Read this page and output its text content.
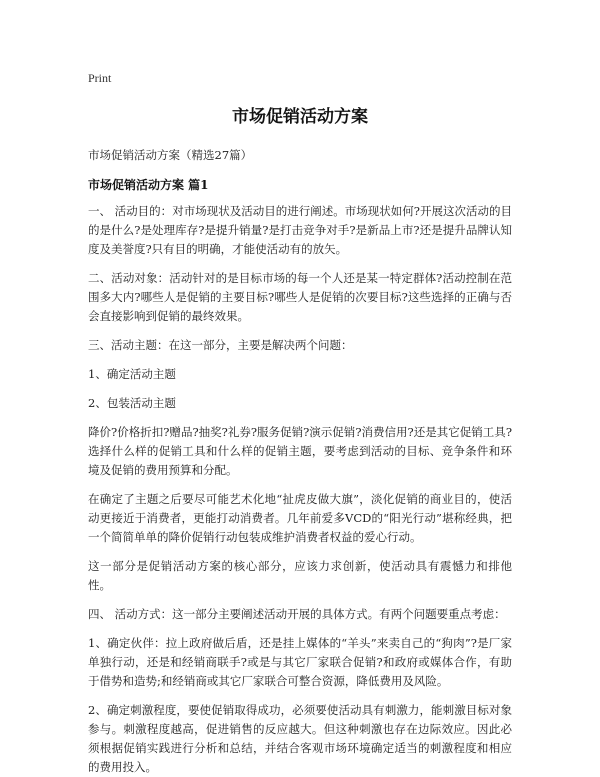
Print
市场促销活动方案
市场促销活动方案（精选27篇）
市场促销活动方案 篇1

一、 活动目的：对市场现状及活动目的进行阐述。市场现状如何?开展这次活动的目的是什么?是处理库存?是提升销量?是打击竞争对手?是新品上市?还是提升品牌认知度及美誉度?只有目的明确，才能使活动有的放矢。

二、活动对象：活动针对的是目标市场的每一个人还是某一特定群体?活动控制在范围多大内?哪些人是促销的主要目标?哪些人是促销的次要目标?这些选择的正确与否会直接影响到促销的最终效果。

三、活动主题：在这一部分，主要是解决两个问题：

1、确定活动主题

2、包装活动主题

降价?价格折扣?赠品?抽奖?礼券?服务促销?演示促销?消费信用?还是其它促销工具?选择什么样的促销工具和什么样的促销主题，要考虑到活动的目标、竞争条件和环境及促销的费用预算和分配。

在确定了主题之后要尽可能艺术化地“扯虎皮做大旗”，淡化促销的商业目的，使活动更接近于消费者，更能打动消费者。几年前爱多VCD的“阳光行动”堪称经典，把一个简简单单的降价促销行动包装成维护消费者权益的爱心行动。

这一部分是促销活动方案的核心部分，应该力求创新，使活动具有震憾力和排他性。

四、 活动方式：这一部分主要阐述活动开展的具体方式。有两个问题要重点考虑：

1、确定伙伴：拉上政府做后盾，还是挂上媒体的“羊头”来卖自己的“狗肉”?是厂家单独行动，还是和经销商联手?或是与其它厂家联合促销?和政府或媒体合作，有助于借势和造势;和经销商或其它厂家联合可整合资源，降低费用及风险。

2、确定刺激程度，要使促销取得成功，必须要使活动具有刺激力，能刺激目标对象参与。刺激程度越高，促进销售的反应越大。但这种刺激也存在边际效应。因此必须根据促销实践进行分析和总结，并结合客观市场环境确定适当的刺激程度和相应的费用投入。
